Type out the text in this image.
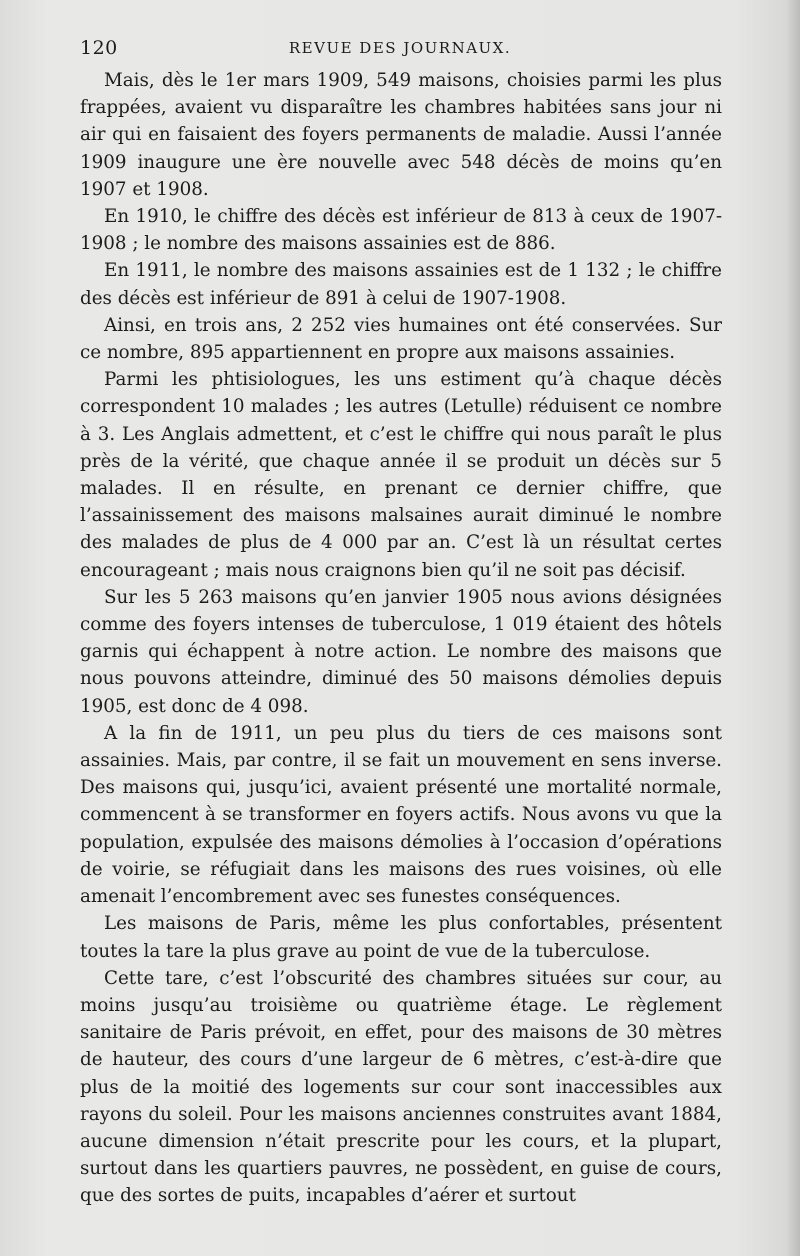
120	REVUE DES JOURNAUX.

Mais, dès le 1er mars 1909, 549 maisons, choisies parmi les plus frappées, avaient vu disparaître les chambres habitées sans jour ni air qui en faisaient des foyers permanents de maladie. Aussi l’année 1909 inaugure une ère nouvelle avec 548 décès de moins qu’en 1907 et 1908.

En 1910, le chiffre des décès est inférieur de 813 à ceux de 1907-1908 ; le nombre des maisons assainies est de 886.

En 1911, le nombre des maisons assainies est de 1 132 ; le chiffre des décès est inférieur de 891 à celui de 1907-1908.

Ainsi, en trois ans, 2 252 vies humaines ont été conservées. Sur ce nombre, 895 appartiennent en propre aux maisons assainies.

Parmi les phtisiologues, les uns estiment qu’à chaque décès correspondent 10 malades ; les autres (Letulle) réduisent ce nombre à 3. Les Anglais admettent, et c’est le chiffre qui nous paraît le plus près de la vérité, que chaque année il se produit un décès sur 5 malades. Il en résulte, en prenant ce dernier chiffre, que l’assainissement des maisons malsaines aurait diminué le nombre des malades de plus de 4 000 par an. C’est là un résultat certes encourageant ; mais nous craignons bien qu’il ne soit pas décisif.

Sur les 5 263 maisons qu’en janvier 1905 nous avions désignées comme des foyers intenses de tuberculose, 1 019 étaient des hôtels garnis qui échappent à notre action. Le nombre des maisons que nous pouvons atteindre, diminué des 50 maisons démolies depuis 1905, est donc de 4 098.

A la fin de 1911, un peu plus du tiers de ces maisons sont assainies. Mais, par contre, il se fait un mouvement en sens inverse. Des maisons qui, jusqu’ici, avaient présenté une mortalité normale, commencent à se transformer en foyers actifs. Nous avons vu que la population, expulsée des maisons démolies à l’occasion d’opérations de voirie, se réfugiait dans les maisons des rues voisines, où elle amenait l’encombrement avec ses funestes conséquences.

Les maisons de Paris, même les plus confortables, présentent toutes la tare la plus grave au point de vue de la tuberculose.

Cette tare, c’est l’obscurité des chambres situées sur cour, au moins jusqu’au troisième ou quatrième étage. Le règlement sanitaire de Paris prévoit, en effet, pour des maisons de 30 mètres de hauteur, des cours d’une largeur de 6 mètres, c’est-à-dire que plus de la moitié des logements sur cour sont inaccessibles aux rayons du soleil. Pour les maisons anciennes construites avant 1884, aucune dimension n’était prescrite pour les cours, et la plupart, surtout dans les quartiers pauvres, ne possèdent, en guise de cours, que des sortes de puits, incapables d’aérer et surtout
